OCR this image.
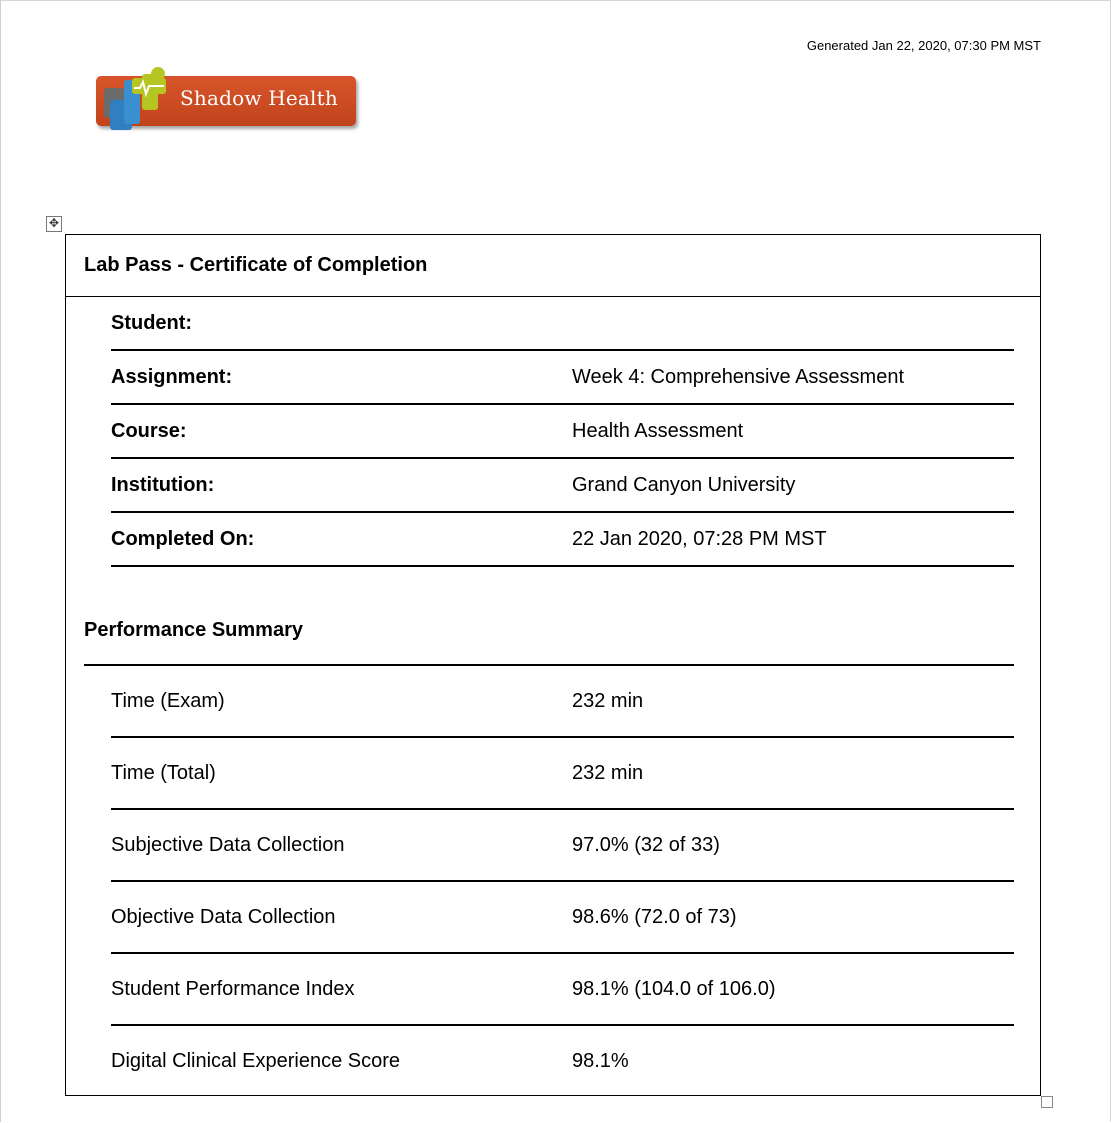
Generated Jan 22, 2020, 07:30 PM MST
Shadow Health
✥
Lab Pass - Certificate of Completion
Student:
Assignment:	Week 4: Comprehensive Assessment
Course:	Health Assessment
Institution:	Grand Canyon University
Completed On:	22 Jan 2020, 07:28 PM MST
Performance Summary
Time (Exam)	232 min
Time (Total)	232 min
Subjective Data Collection	97.0% (32 of 33)
Objective Data Collection	98.6% (72.0 of 73)
Student Performance Index	98.1% (104.0 of 106.0)
Digital Clinical Experience Score	98.1%
